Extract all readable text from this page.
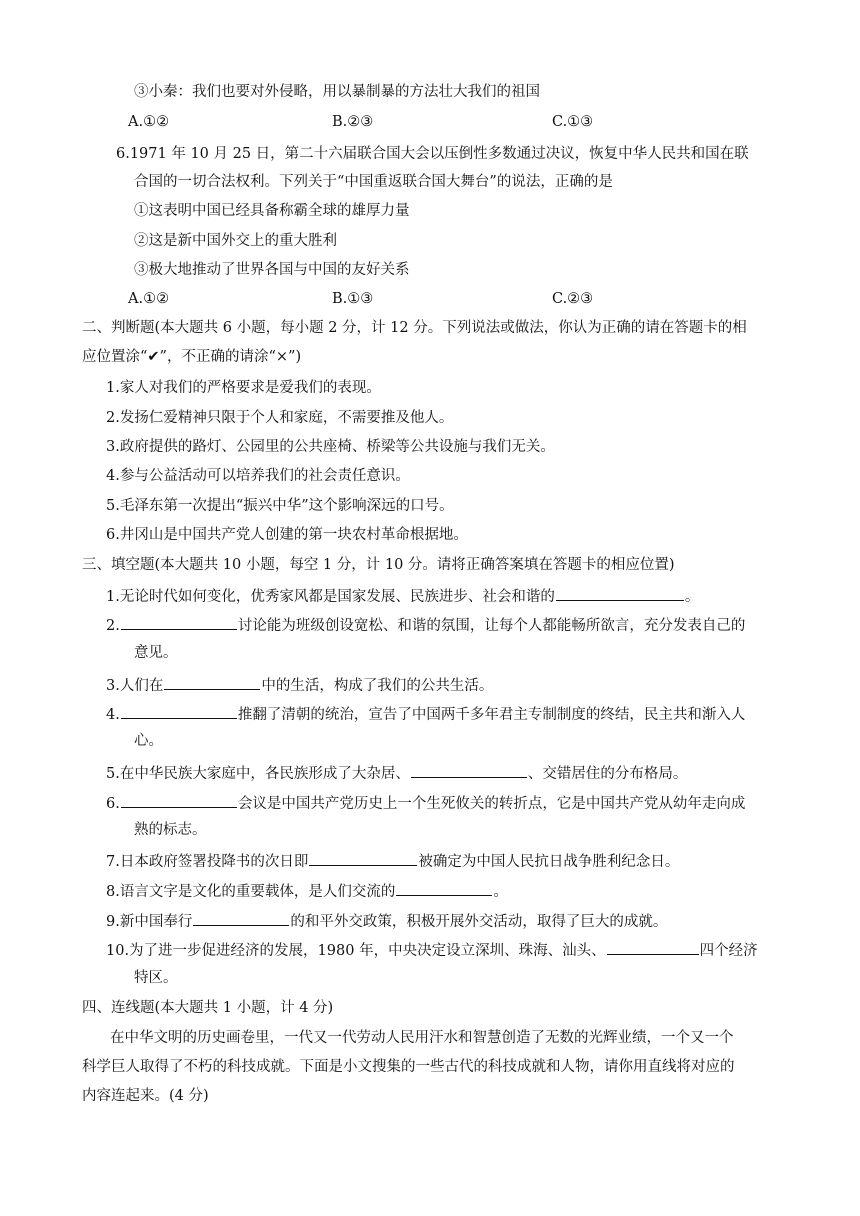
③小秦：我们也要对外侵略，用以暴制暴的方法壮大我们的祖国
A.①②	B.②③	C.①③
6.1971 年 10 月 25 日，第二十六届联合国大会以压倒性多数通过决议，恢复中华人民共和国在联
合国的一切合法权利。下列关于“中国重返联合国大舞台”的说法，正确的是
①这表明中国已经具备称霸全球的雄厚力量
②这是新中国外交上的重大胜利
③极大地推动了世界各国与中国的友好关系
A.①②	B.①③	C.②③
二、判断题(本大题共 6 小题，每小题 2 分，计 12 分。下列说法或做法，你认为正确的请在答题卡的相
应位置涂“✔”，不正确的请涂“×”)
1.家人对我们的严格要求是爱我们的表现。
2.发扬仁爱精神只限于个人和家庭，不需要推及他人。
3.政府提供的路灯、公园里的公共座椅、桥梁等公共设施与我们无关。
4.参与公益活动可以培养我们的社会责任意识。
5.毛泽东第一次提出“振兴中华”这个影响深远的口号。
6.井冈山是中国共产党人创建的第一块农村革命根据地。
三、填空题(本大题共 10 小题，每空 1 分，计 10 分。请将正确答案填在答题卡的相应位置)
1.无论时代如何变化，优秀家风都是国家发展、民族进步、社会和谐的	。
2.	讨论能为班级创设宽松、和谐的氛围，让每个人都能畅所欲言，充分发表自己的
意见。
3.人们在	中的生活，构成了我们的公共生活。
4.	推翻了清朝的统治，宣告了中国两千多年君主专制制度的终结，民主共和渐入人
心。
5.在中华民族大家庭中，各民族形成了大杂居、	、交错居住的分布格局。
6.	会议是中国共产党历史上一个生死攸关的转折点，它是中国共产党从幼年走向成
熟的标志。
7.日本政府签署投降书的次日即	被确定为中国人民抗日战争胜利纪念日。
8.语言文字是文化的重要载体，是人们交流的	。
9.新中国奉行	的和平外交政策，积极开展外交活动，取得了巨大的成就。
10.为了进一步促进经济的发展，1980 年，中央决定设立深圳、珠海、汕头、	四个经济
特区。
四、连线题(本大题共 1 小题，计 4 分)
在中华文明的历史画卷里，一代又一代劳动人民用汗水和智慧创造了无数的光辉业绩，一个又一个
科学巨人取得了不朽的科技成就。下面是小文搜集的一些古代的科技成就和人物，请你用直线将对应的
内容连起来。(4 分)
